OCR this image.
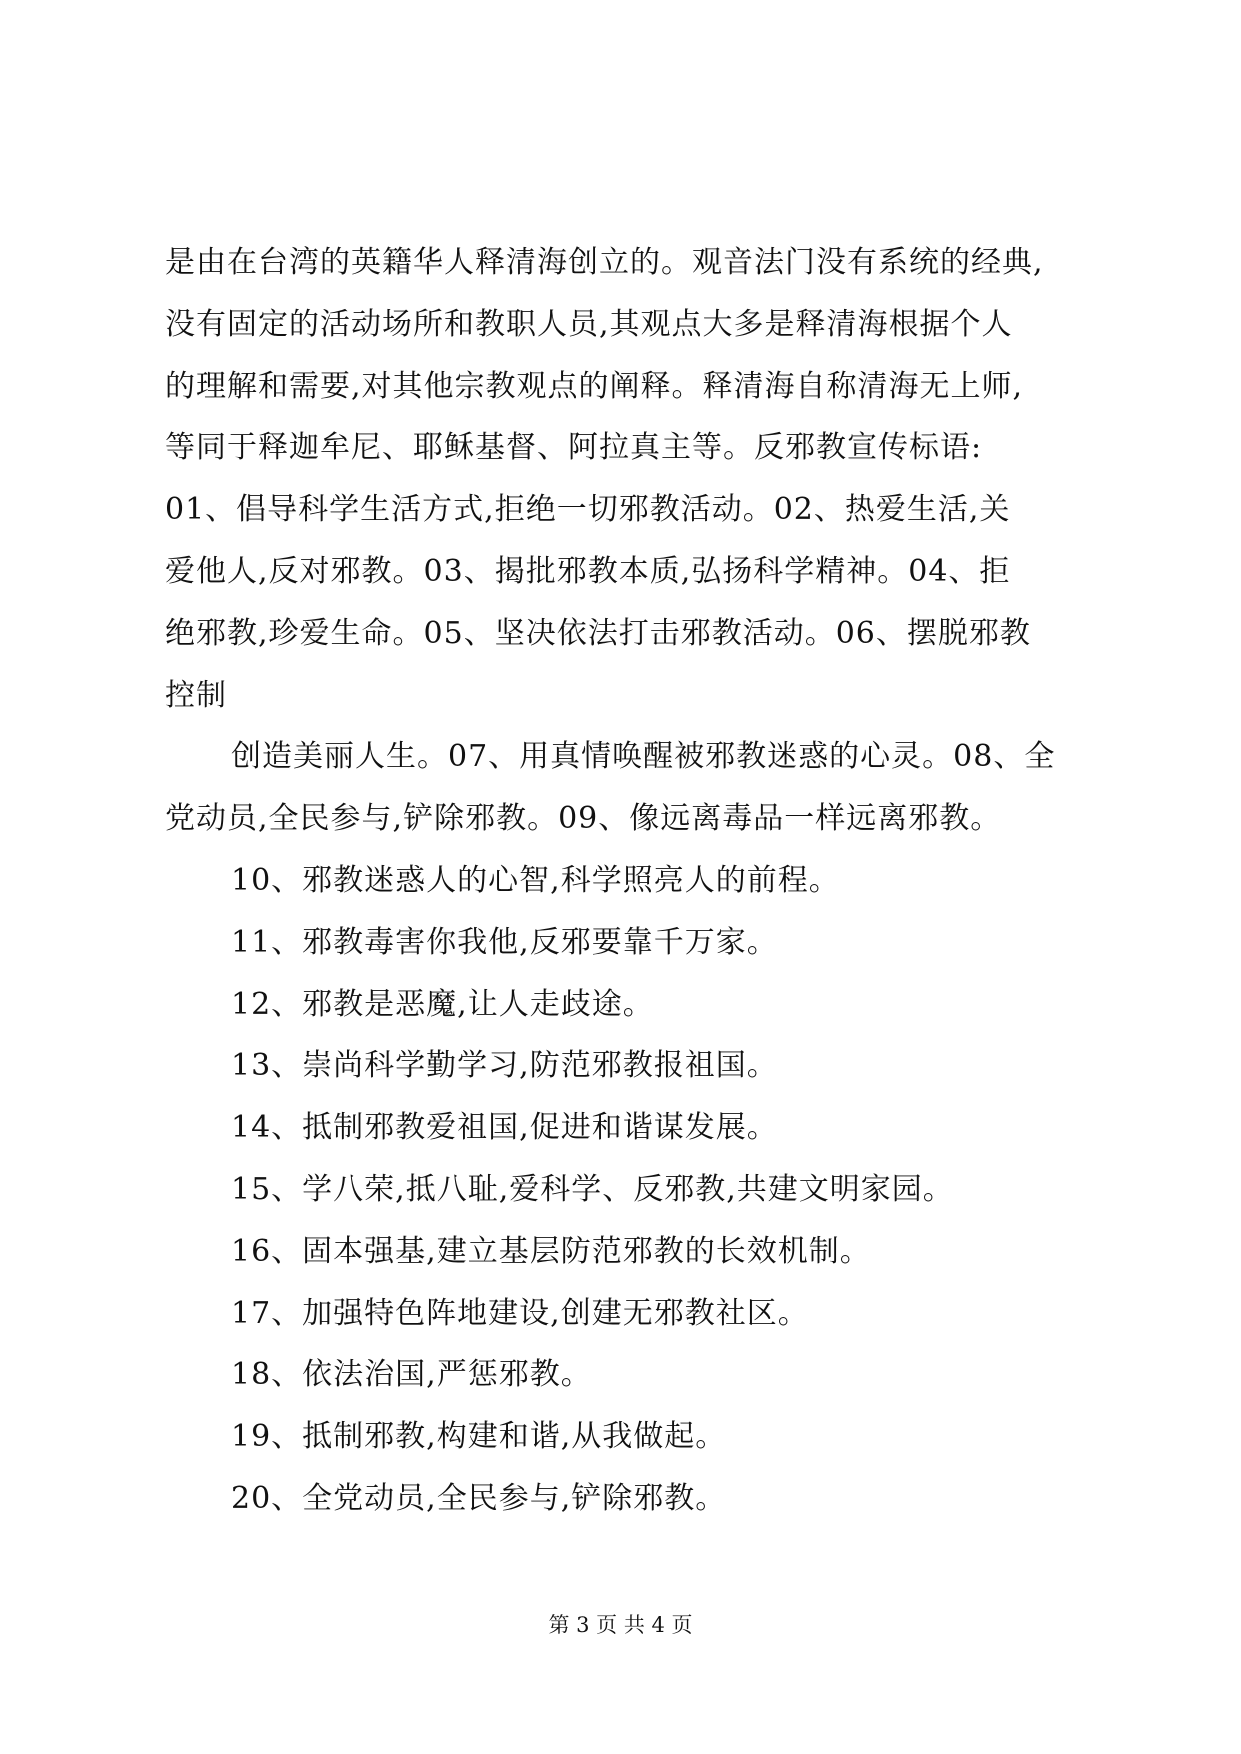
是由在台湾的英籍华人释清海创立的。观音法门没有系统的经典,
没有固定的活动场所和教职人员,其观点大多是释清海根据个人
的理解和需要,对其他宗教观点的阐释。释清海自称清海无上师,
等同于释迦牟尼、耶稣基督、阿拉真主等。反邪教宣传标语:
01、倡导科学生活方式,拒绝一切邪教活动。02、热爱生活,关
爱他人,反对邪教。03、揭批邪教本质,弘扬科学精神。04、拒
绝邪教,珍爱生命。05、坚决依法打击邪教活动。06、摆脱邪教
控制
创造美丽人生。07、用真情唤醒被邪教迷惑的心灵。08、全
党动员,全民参与,铲除邪教。09、像远离毒品一样远离邪教。
10、邪教迷惑人的心智,科学照亮人的前程。
11、邪教毒害你我他,反邪要靠千万家。
12、邪教是恶魔,让人走歧途。
13、崇尚科学勤学习,防范邪教报祖国。
14、抵制邪教爱祖国,促进和谐谋发展。
15、学八荣,抵八耻,爱科学、反邪教,共建文明家园。
16、固本强基,建立基层防范邪教的长效机制。
17、加强特色阵地建设,创建无邪教社区。
18、依法治国,严惩邪教。
19、抵制邪教,构建和谐,从我做起。
20、全党动员,全民参与,铲除邪教。
第 3 页 共 4 页
